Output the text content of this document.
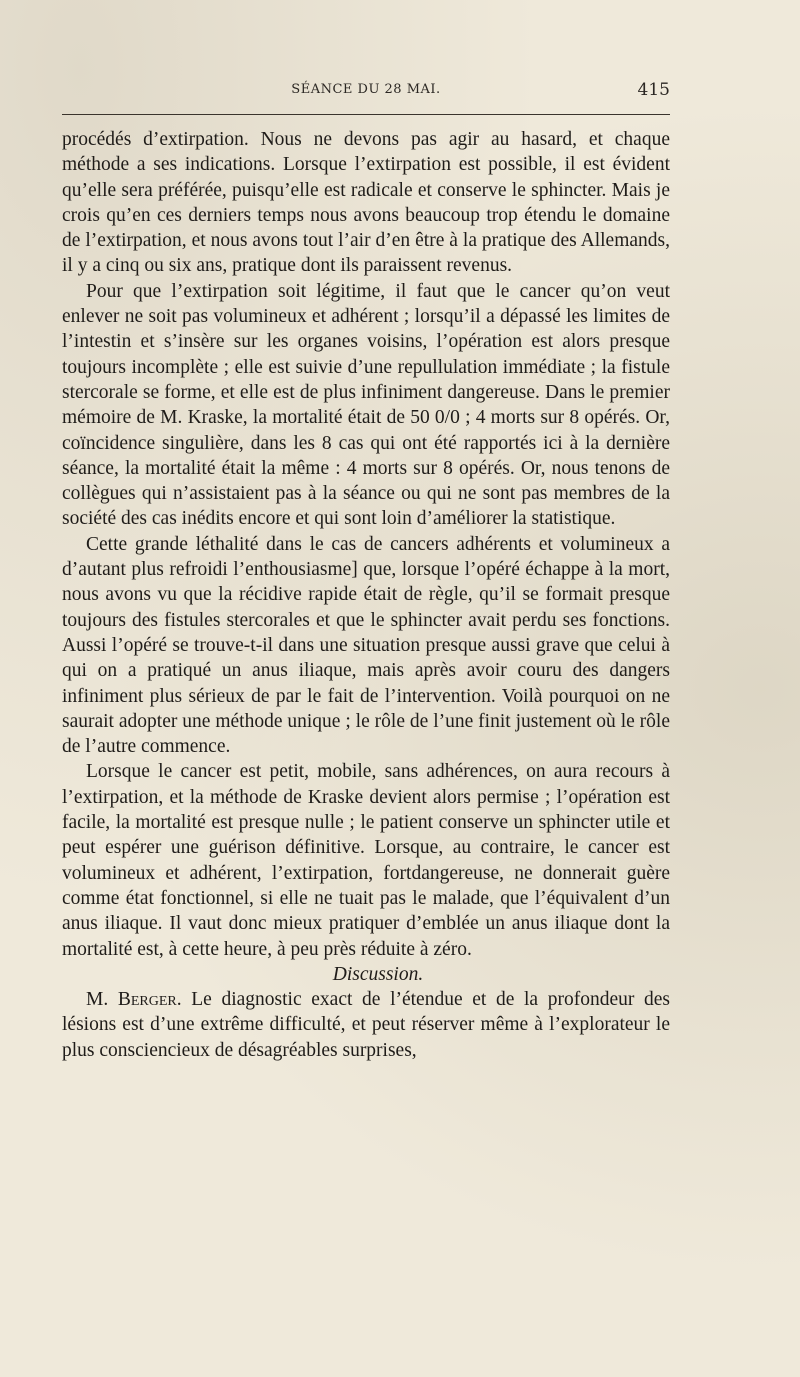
SÉANCE DU 28 MAI.	415

procédés d’extirpation. Nous ne devons pas agir au hasard, et chaque méthode a ses indications. Lorsque l’extirpation est possible, il est évident qu’elle sera préférée, puisqu’elle est radicale et conserve le sphincter. Mais je crois qu’en ces derniers temps nous avons beaucoup trop étendu le domaine de l’extirpation, et nous avons tout l’air d’en être à la pratique des Allemands, il y a cinq ou six ans, pratique dont ils paraissent revenus.

Pour que l’extirpation soit légitime, il faut que le cancer qu’on veut enlever ne soit pas volumineux et adhérent ; lorsqu’il a dépassé les limites de l’intestin et s’insère sur les organes voisins, l’opération est alors presque toujours incomplète ; elle est suivie d’une repullulation immédiate ; la fistule stercorale se forme, et elle est de plus infiniment dangereuse. Dans le premier mémoire de M. Kraske, la mortalité était de 50 0/0 ; 4 morts sur 8 opérés. Or, coïncidence singulière, dans les 8 cas qui ont été rapportés ici à la dernière séance, la mortalité était la même : 4 morts sur 8 opérés. Or, nous tenons de collègues qui n’assistaient pas à la séance ou qui ne sont pas membres de la société des cas inédits encore et qui sont loin d’améliorer la statistique.

Cette grande léthalité dans le cas de cancers adhérents et volumineux a d’autant plus refroidi l’enthousiasme] que, lorsque l’opéré échappe à la mort, nous avons vu que la récidive rapide était de règle, qu’il se formait presque toujours des fistules stercorales et que le sphincter avait perdu ses fonctions. Aussi l’opéré se trouve-t-il dans une situation presque aussi grave que celui à qui on a pratiqué un anus iliaque, mais après avoir couru des dangers infiniment plus sérieux de par le fait de l’intervention. Voilà pourquoi on ne saurait adopter une méthode unique ; le rôle de l’une finit justement où le rôle de l’autre commence.

Lorsque le cancer est petit, mobile, sans adhérences, on aura recours à l’extirpation, et la méthode de Kraske devient alors permise ; l’opération est facile, la mortalité est presque nulle ; le patient conserve un sphincter utile et peut espérer une guérison définitive. Lorsque, au contraire, le cancer est volumineux et adhérent, l’extirpation, fortdangereuse, ne donnerait guère comme état fonctionnel, si elle ne tuait pas le malade, que l’équivalent d’un anus iliaque. Il vaut donc mieux pratiquer d’emblée un anus iliaque dont la mortalité est, à cette heure, à peu près réduite à zéro.

Discussion.

M. Berger. Le diagnostic exact de l’étendue et de la profondeur des lésions est d’une extrême difficulté, et peut réserver même à l’explorateur le plus consciencieux de désagréables surprises,
